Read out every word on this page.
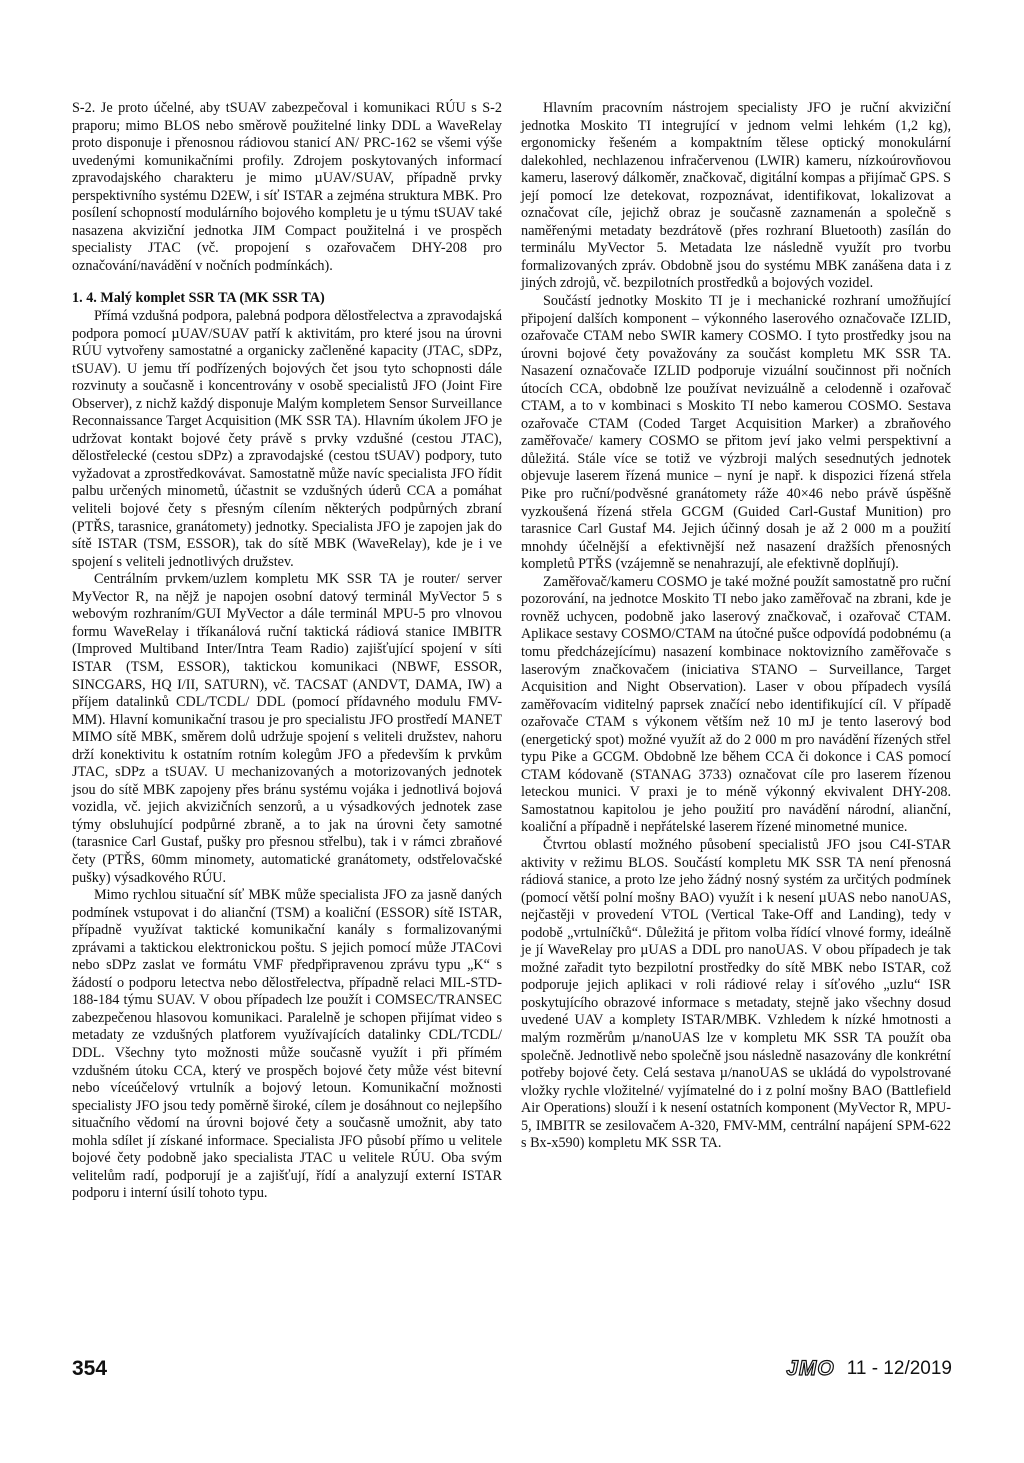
S-2. Je proto účelné, aby tSUAV zabezpečoval i komunikaci RÚU s S-2 praporu; mimo BLOS nebo směrově použitelné linky DDL a WaveRelay proto disponuje i přenosnou rádiovou stanicí AN/ PRC-162 se všemi výše uvedenými komunikačními profily. Zdrojem poskytovaných informací zpravodajského charakteru je mimo µUAV/SUAV, případně prvky perspektivního systému D2EW, i síť ISTAR a zejména struktura MBK. Pro posílení schopností modulárního bojového kompletu je u týmu tSUAV také nasazena akviziční jednotka JIM Compact použitelná i ve prospěch specialisty JTAC (vč. propojení s ozařovačem DHY-208 pro označování/navádění v nočních podmínkách).

1. 4. Malý komplet SSR TA (MK SSR TA)

Přímá vzdušná podpora, palebná podpora dělostřelectva a zpravodajská podpora pomocí µUAV/SUAV patří k aktivitám, pro které jsou na úrovni RÚU vytvořeny samostatné a organicky začleněné kapacity (JTAC, sDPz, tSUAV). U jemu tří podřízených bojových čet jsou tyto schopnosti dále rozvinuty a současně i koncentrovány v osobě specialistů JFO (Joint Fire Observer), z nichž každý disponuje Malým kompletem Sensor Surveillance Reconnaissance Target Acquisition (MK SSR TA). Hlavním úkolem JFO je udržovat kontakt bojové čety právě s prvky vzdušné (cestou JTAC), dělostřelecké (cestou sDPz) a zpravodajské (cestou tSUAV) podpory, tuto vyžadovat a zprostředkovávat. Samostatně může navíc specialista JFO řídit palbu určených minometů, účastnit se vzdušných úderů CCA a pomáhat veliteli bojové čety s přesným cílením některých podpůrných zbraní (PTŘS, tarasnice, granátomety) jednotky. Specialista JFO je zapojen jak do sítě ISTAR (TSM, ESSOR), tak do sítě MBK (WaveRelay), kde je i ve spojení s veliteli jednotlivých družstev.

Centrálním prvkem/uzlem kompletu MK SSR TA je router/ server MyVector R, na nějž je napojen osobní datový terminál MyVector 5 s webovým rozhraním/GUI MyVector a dále terminál MPU-5 pro vlnovou formu WaveRelay i tříkanálová ruční taktická rádiová stanice IMBITR (Improved Multiband Inter/Intra Team Radio) zajišťující spojení v síti ISTAR (TSM, ESSOR), taktickou komunikaci (NBWF, ESSOR, SINCGARS, HQ I/II, SATURN), vč. TACSAT (ANDVT, DAMA, IW) a příjem datalinků CDL/TCDL/ DDL (pomocí přídavného modulu FMV-MM). Hlavní komunikační trasou je pro specialistu JFO prostředí MANET MIMO sítě MBK, směrem dolů udržuje spojení s veliteli družstev, nahoru drží konektivitu k ostatním rotním kolegům JFO a především k prvkům JTAC, sDPz a tSUAV. U mechanizovaných a motorizovaných jednotek jsou do sítě MBK zapojeny přes bránu systému vojáka i jednotlivá bojová vozidla, vč. jejich akvizičních senzorů, a u výsadkových jednotek zase týmy obsluhující podpůrné zbraně, a to jak na úrovni čety samotné (tarasnice Carl Gustaf, pušky pro přesnou střelbu), tak i v rámci zbraňové čety (PTŘS, 60mm minomety, automatické granátomety, odstřelovačské pušky) výsadkového RÚU.

Mimo rychlou situační síť MBK může specialista JFO za jasně daných podmínek vstupovat i do alianční (TSM) a koaliční (ESSOR) sítě ISTAR, případně využívat taktické komunikační kanály s formalizovanými zprávami a taktickou elektronickou poštu. S jejich pomocí může JTACovi nebo sDPz zaslat ve formátu VMF předpřipravenou zprávu typu „K“ s žádostí o podporu letectva nebo dělostřelectva, případně relaci MIL-STD-188-184 týmu SUAV. V obou případech lze použít i COMSEC/TRANSEC zabezpečenou hlasovou komunikaci. Paralelně je schopen přijímat video s metadaty ze vzdušných platforem využívajících datalinky CDL/TCDL/ DDL. Všechny tyto možnosti může současně využít i při přímém vzdušném útoku CCA, který ve prospěch bojové čety může vést bitevní nebo víceúčelový vrtulník a bojový letoun. Komunikační možnosti specialisty JFO jsou tedy poměrně široké, cílem je dosáhnout co nejlepšího situačního vědomí na úrovni bojové čety a současně umožnit, aby tato mohla sdílet jí získané informace. Specialista JFO působí přímo u velitele bojové čety podobně jako specialista JTAC u velitele RÚU. Oba svým velitelům radí, podporují je a zajišťují, řídí a analyzují externí ISTAR podporu i interní úsilí tohoto typu.

Hlavním pracovním nástrojem specialisty JFO je ruční akviziční jednotka Moskito TI integrující v jednom velmi lehkém (1,2 kg), ergonomicky řešeném a kompaktním tělese optický monokulární dalekohled, nechlazenou infračervenou (LWIR) kameru, nízkoúrovňovou kameru, laserový dálkoměr, značkovač, digitální kompas a přijímač GPS. S její pomocí lze detekovat, rozpoznávat, identifikovat, lokalizovat a označovat cíle, jejichž obraz je současně zaznamenán a společně s naměřenými metadaty bezdrátově (přes rozhraní Bluetooth) zasílán do terminálu MyVector 5. Metadata lze následně využít pro tvorbu formalizovaných zpráv. Obdobně jsou do systému MBK zanášena data i z jiných zdrojů, vč. bezpilotních prostředků a bojových vozidel.

Součástí jednotky Moskito TI je i mechanické rozhraní umožňující připojení dalších komponent – výkonného laserového označovače IZLID, ozařovače CTAM nebo SWIR kamery COSMO. I tyto prostředky jsou na úrovni bojové čety považovány za součást kompletu MK SSR TA. Nasazení označovače IZLID podporuje vizuální součinnost při nočních útocích CCA, obdobně lze používat nevizuálně a celodenně i ozařovač CTAM, a to v kombinaci s Moskito TI nebo kamerou COSMO. Sestava ozařovače CTAM (Coded Target Acquisition Marker) a zbraňového zaměřovače/ kamery COSMO se přitom jeví jako velmi perspektivní a důležitá. Stále více se totiž ve výzbroji malých sesednutých jednotek objevuje laserem řízená munice – nyní je např. k dispozici řízená střela Pike pro ruční/podvěsné granátomety ráže 40×46 nebo právě úspěšně vyzkoušená řízená střela GCGM (Guided Carl-Gustaf Munition) pro tarasnice Carl Gustaf M4. Jejich účinný dosah je až 2 000 m a použití mnohdy účelnější a efektivnější než nasazení dražších přenosných kompletů PTŘS (vzájemně se nenahrazují, ale efektivně doplňují).

Zaměřovač/kameru COSMO je také možné použít samostatně pro ruční pozorování, na jednotce Moskito TI nebo jako zaměřovač na zbrani, kde je rovněž uchycen, podobně jako laserový značkovač, i ozařovač CTAM. Aplikace sestavy COSMO/CTAM na útočné pušce odpovídá podobnému (a tomu předcházejícímu) nasazení kombinace noktovizního zaměřovače s laserovým značkovačem (iniciativa STANO – Surveillance, Target Acquisition and Night Observation). Laser v obou případech vysílá zaměřovacím viditelný paprsek značící nebo identifikující cíl. V případě ozařovače CTAM s výkonem větším než 10 mJ je tento laserový bod (energetický spot) možné využít až do 2 000 m pro navádění řízených střel typu Pike a GCGM. Obdobně lze během CCA či dokonce i CAS pomocí CTAM kódovaně (STANAG 3733) označovat cíle pro laserem řízenou leteckou munici. V praxi je to méně výkonný ekvivalent DHY-208. Samostatnou kapitolou je jeho použití pro navádění národní, alianční, koaliční a případně i nepřátelské laserem řízené minometné munice.

Čtvrtou oblastí možného působení specialistů JFO jsou C4I-STAR aktivity v režimu BLOS. Součástí kompletu MK SSR TA není přenosná rádiová stanice, a proto lze jeho žádný nosný systém za určitých podmínek (pomocí větší polní mošny BAO) využít i k nesení µUAS nebo nanoUAS, nejčastěji v provedení VTOL (Vertical Take-Off and Landing), tedy v podobě „vrtulníčků“. Důležitá je přitom volba řídící vlnové formy, ideálně je jí WaveRelay pro µUAS a DDL pro nanoUAS. V obou případech je tak možné zařadit tyto bezpilotní prostředky do sítě MBK nebo ISTAR, což podporuje jejich aplikaci v roli rádiové relay i síťového „uzlu“ ISR poskytujícího obrazové informace s metadaty, stejně jako všechny dosud uvedené UAV a komplety ISTAR/MBK. Vzhledem k nízké hmotnosti a malým rozměrům µ/nanoUAS lze v kompletu MK SSR TA použít oba společně. Jednotlivě nebo společně jsou následně nasazovány dle konkrétní potřeby bojové čety. Celá sestava µ/nanoUAS se ukládá do vypolstrované vložky rychle vložitelné/ vyjímatelné do i z polní mošny BAO (Battlefield Air Operations) slouží i k nesení ostatních komponent (MyVector R, MPU-5, IMBITR se zesilovačem A-320, FMV-MM, centrální napájení SPM-622 s Bx-x590) kompletu MK SSR TA.

354	JMO 11 - 12/2019
